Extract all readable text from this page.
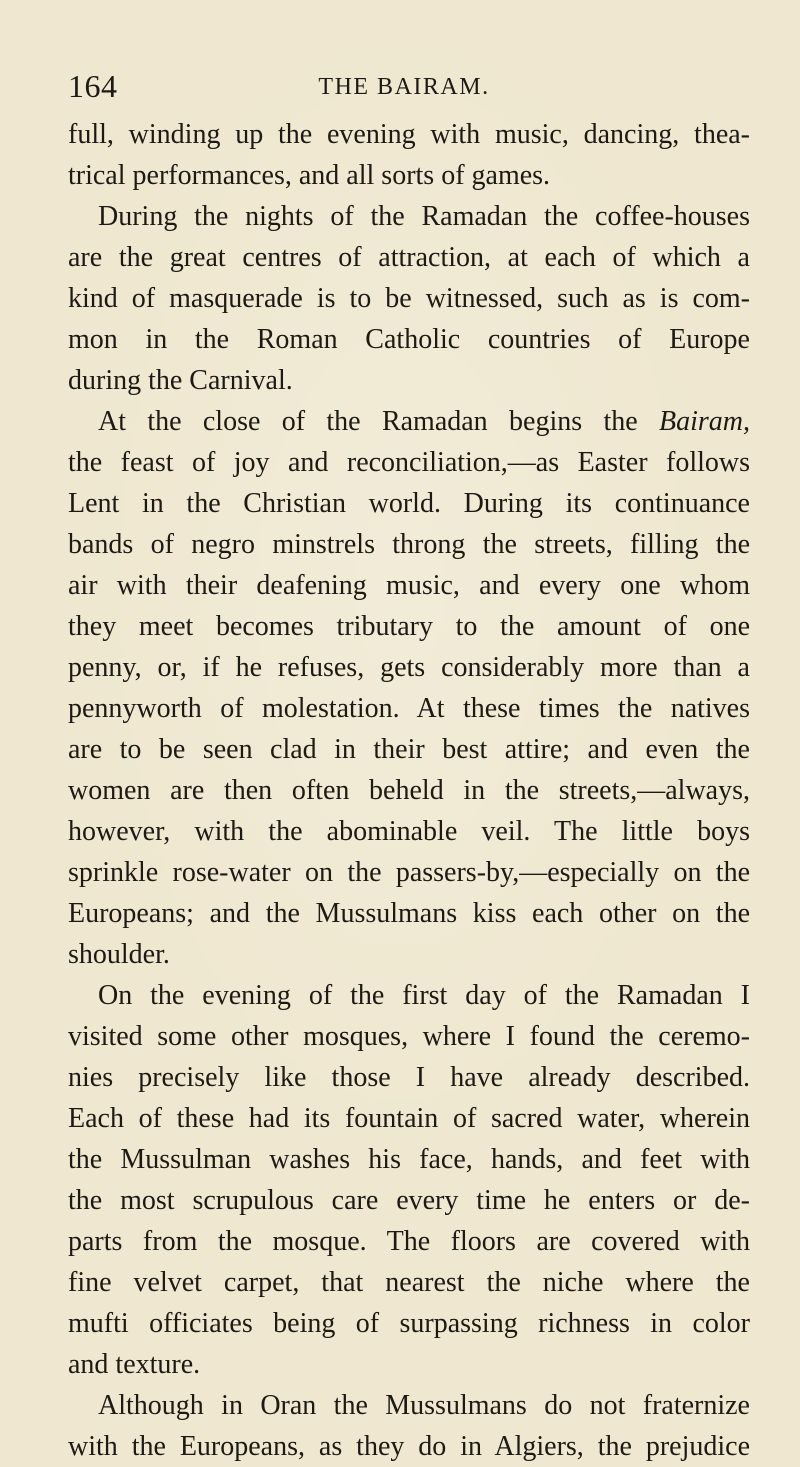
164	THE BAIRAM.

full, winding up the evening with music, dancing, thea-
trical performances, and all sorts of games.

During the nights of the Ramadan the coffee-houses
are the great centres of attraction, at each of which a
kind of masquerade is to be witnessed, such as is com-
mon in the Roman Catholic countries of Europe
during the Carnival.

At the close of the Ramadan begins the Bairam,
the feast of joy and reconciliation,—as Easter follows
Lent in the Christian world. During its continuance
bands of negro minstrels throng the streets, filling the
air with their deafening music, and every one whom
they meet becomes tributary to the amount of one
penny, or, if he refuses, gets considerably more than a
pennyworth of molestation. At these times the natives
are to be seen clad in their best attire; and even the
women are then often beheld in the streets,—always,
however, with the abominable veil. The little boys
sprinkle rose-water on the passers-by,—especially on the
Europeans; and the Mussulmans kiss each other on the
shoulder.

On the evening of the first day of the Ramadan I
visited some other mosques, where I found the ceremo-
nies precisely like those I have already described.
Each of these had its fountain of sacred water, wherein
the Mussulman washes his face, hands, and feet with
the most scrupulous care every time he enters or de-
parts from the mosque. The floors are covered with
fine velvet carpet, that nearest the niche where the
mufti officiates being of surpassing richness in color
and texture.

Although in Oran the Mussulmans do not fraternize
with the Europeans, as they do in Algiers, the prejudice
